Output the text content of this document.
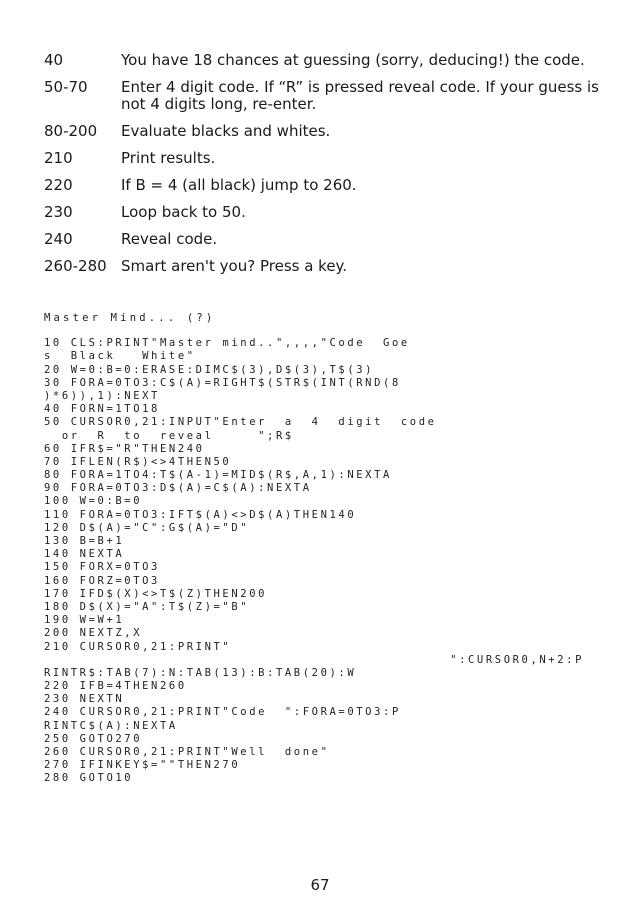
40	You have 18 chances at guessing (sorry, deducing!) the code.
50-70	Enter 4 digit code. If “R” is pressed reveal code. If your guess is not 4 digits long, re-enter.
80-200	Evaluate blacks and whites.
210	Print results.
220	If B = 4 (all black) jump to 260.
230	Loop back to 50.
240	Reveal code.
260-280 Smart aren't you? Press a key.
Master Mind... (?)
10 CLS:PRINT"Master mind..",,,,"Code  Goe
s  Black   White"
20 W=0:B=0:ERASE:DIMC$(3),D$(3),T$(3)
30 FORA=0TO3:C$(A)=RIGHT$(STR$(INT(RND(8
)*6)),1):NEXT
40 FORN=1TO18
50 CURSOR0,21:INPUT"Enter  a  4  digit  code
or  R  to  reveal     ";R$
60 IFR$="R"THEN240
70 IFLEN(R$)<>4THEN50
80 FORA=1TO4:T$(A-1)=MID$(R$,A,1):NEXTA
90 FORA=0TO3:D$(A)=C$(A):NEXTA
100 W=0:B=0
110 FORA=0TO3:IFT$(A)<>D$(A)THEN140
120 D$(A)="C":G$(A)="D"
130 B=B+1
140 NEXTA
150 FORX=0TO3
160 FORZ=0TO3
170 IFD$(X)<>T$(Z)THEN200
180 D$(X)="A":T$(Z)="B"
190 W=W+1
200 NEXTZ,X
210 CURSOR0,21:PRINT"
":CURSOR0,N+2:P
RINTR$:TAB(7):N:TAB(13):B:TAB(20):W
220 IFB=4THEN260
230 NEXTN
240 CURSOR0,21:PRINT"Code  ":FORA=0TO3:P
RINTC$(A):NEXTA
250 GOTO270
260 CURSOR0,21:PRINT"Well  done"
270 IFINKEY$=""THEN270
280 GOTO10
67
